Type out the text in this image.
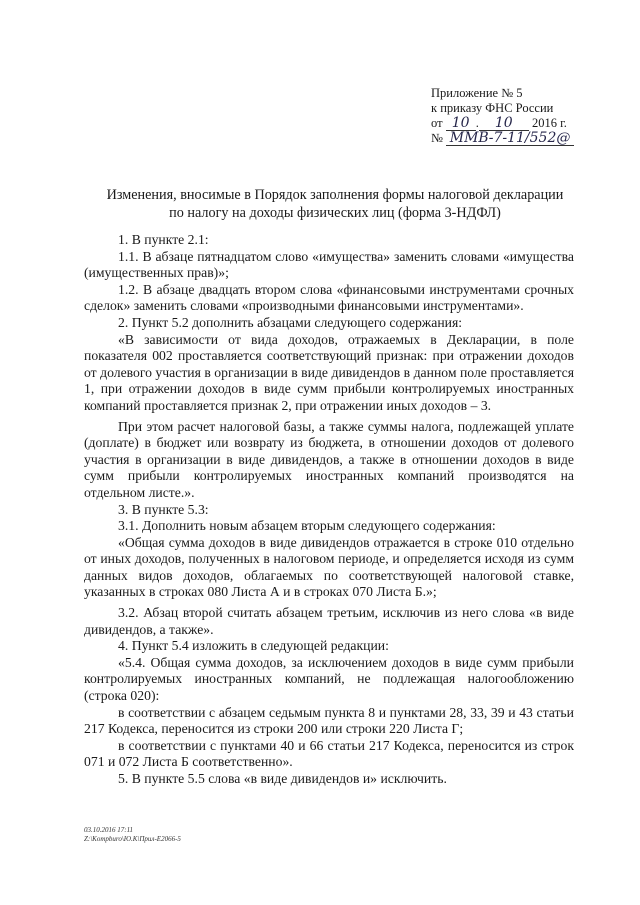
Приложение № 5
к приказу ФНС России
от 10 . 10 2016 г.
№ ММВ-7-11/552@
Изменения, вносимые в Порядок заполнения формы налоговой декларации
по налогу на доходы физических лиц (форма 3-НДФЛ)

1. В пункте 2.1:

1.1. В абзаце пятнадцатом слово «имущества» заменить словами «имущества (имущественных прав)»;

1.2. В абзаце двадцать втором слова «финансовыми инструментами срочных сделок» заменить словами «производными финансовыми инструментами».

2. Пункт 5.2 дополнить абзацами следующего содержания:

«В зависимости от вида доходов, отражаемых в Декларации, в поле показателя 002 проставляется соответствующий признак: при отражении доходов от долевого участия в организации в виде дивидендов в данном поле проставляется 1, при отражении доходов в виде сумм прибыли контролируемых иностранных компаний проставляется признак 2, при отражении иных доходов – 3.

При этом расчет налоговой базы, а также суммы налога, подлежащей уплате (доплате) в бюджет или возврату из бюджета, в отношении доходов от долевого участия в организации в виде дивидендов, а также в отношении доходов в виде сумм прибыли контролируемых иностранных компаний производятся на отдельном листе.».

3. В пункте 5.3:

3.1. Дополнить новым абзацем вторым следующего содержания:

«Общая сумма доходов в виде дивидендов отражается в строке 010 отдельно от иных доходов, полученных в налоговом периоде, и определяется исходя из сумм данных видов доходов, облагаемых по соответствующей налоговой ставке, указанных в строках 080 Листа А и в строках 070 Листа Б.»;

3.2. Абзац второй считать абзацем третьим, исключив из него слова «в виде дивидендов, а также».

4. Пункт 5.4 изложить в следующей редакции:

«5.4. Общая сумма доходов, за исключением доходов в виде сумм прибыли контролируемых иностранных компаний, не подлежащая налогообложению (строка 020):

в соответствии с абзацем седьмым пункта 8 и пунктами 28, 33, 39 и 43 статьи 217 Кодекса, переносится из строки 200 или строки 220 Листа Г;

в соответствии с пунктами 40 и 66 статьи 217 Кодекса, переносится из строк 071 и 072 Листа Б соответственно».

5. В пункте 5.5 слова «в виде дивидендов и» исключить.

03.10.2016 17:11
Z:\Kompburo\Ю.К\Прил-Е2066-5
